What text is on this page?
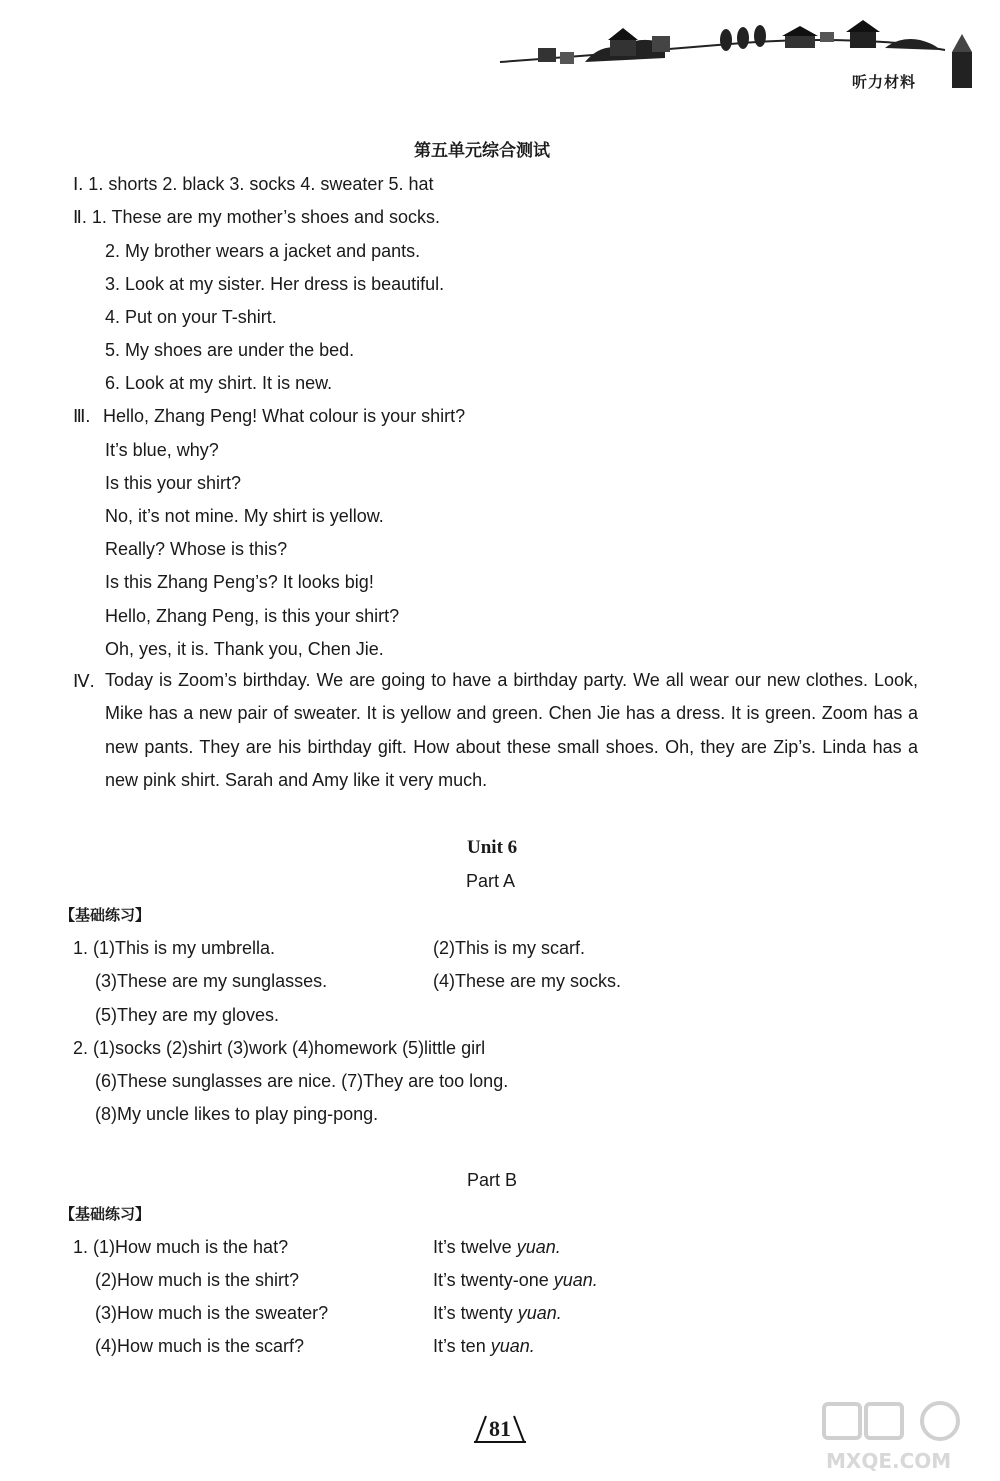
听力材料
第五单元综合测试
Ⅰ. 1. shorts 2. black 3. socks 4. sweater 5. hat
Ⅱ. 1. These are my mother’s shoes and socks.
2. My brother wears a jacket and pants.
3. Look at my sister. Her dress is beautiful.
4. Put on your T-shirt.
5. My shoes are under the bed.
6. Look at my shirt. It is new.
Ⅲ. Hello, Zhang Peng! What colour is your shirt?
It’s blue, why?
Is this your shirt?
No, it’s not mine. My shirt is yellow.
Really? Whose is this?
Is this Zhang Peng’s? It looks big!
Hello, Zhang Peng, is this your shirt?
Oh, yes, it is. Thank you, Chen Jie.
Ⅳ. Today is Zoom’s birthday. We are going to have a birthday party. We all wear our new clothes. Look, Mike has a new pair of sweater. It is yellow and green. Chen Jie has a dress. It is green. Zoom has a new pants. They are his birthday gift. How about these small shoes. Oh, they are Zip’s. Linda has a new pink shirt. Sarah and Amy like it very much.
Unit 6
Part A
【基础练习】
1. (1)This is my umbrella.	(2)This is my scarf.
(3)These are my sunglasses.	(4)These are my socks.
(5)They are my gloves.
2. (1)socks (2)shirt (3)work (4)homework (5)little girl
(6)These sunglasses are nice. (7)They are too long.
(8)My uncle likes to play ping-pong.
Part B
【基础练习】
1. (1)How much is the hat?	It’s twelve yuan.
(2)How much is the shirt?	It’s twenty-one yuan.
(3)How much is the sweater?	It’s twenty yuan.
(4)How much is the scarf?	It’s ten yuan.
81
MXQE.COM
